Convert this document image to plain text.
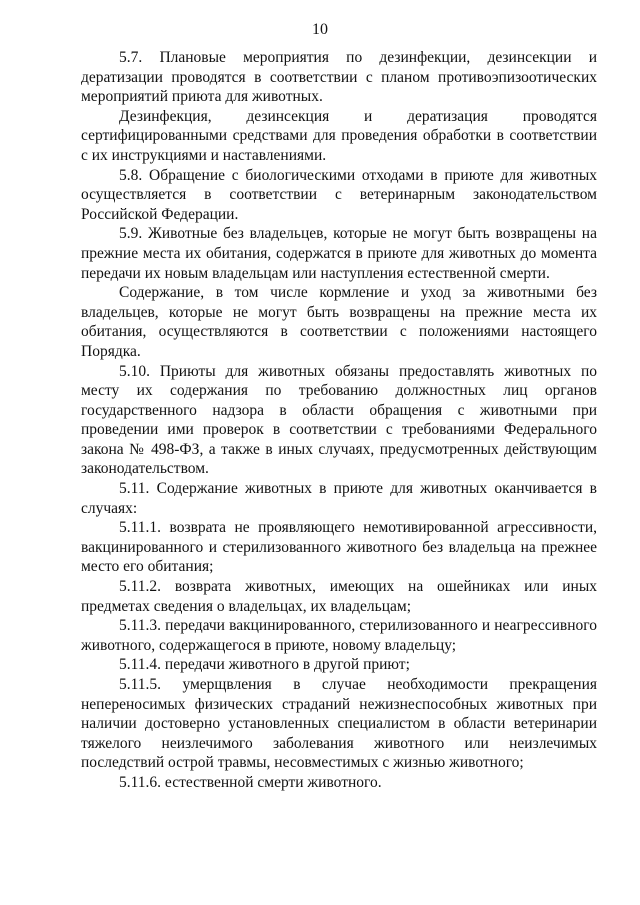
10

5.7. Плановые мероприятия по дезинфекции, дезинсекции и дератизации проводятся в соответствии с планом противоэпизоотических мероприятий приюта для животных.

Дезинфекция, дезинсекция и дератизация проводятся сертифицированными средствами для проведения обработки в соответствии с их инструкциями и наставлениями.

5.8. Обращение с биологическими отходами в приюте для животных осуществляется в соответствии с ветеринарным законодательством Российской Федерации.

5.9. Животные без владельцев, которые не могут быть возвращены на прежние места их обитания, содержатся в приюте для животных до момента передачи их новым владельцам или наступления естественной смерти.

Содержание, в том числе кормление и уход за животными без владельцев, которые не могут быть возвращены на прежние места их обитания, осуществляются в соответствии с положениями настоящего Порядка.

5.10. Приюты для животных обязаны предоставлять животных по месту их содержания по требованию должностных лиц органов государственного надзора в области обращения с животными при проведении ими проверок в соответствии с требованиями Федерального закона № 498-ФЗ, а также в иных случаях, предусмотренных действующим законодательством.

5.11. Содержание животных в приюте для животных оканчивается в случаях:

5.11.1. возврата не проявляющего немотивированной агрессивности, вакцинированного и стерилизованного животного без владельца на прежнее место его обитания;

5.11.2. возврата животных, имеющих на ошейниках или иных предметах сведения о владельцах, их владельцам;

5.11.3. передачи вакцинированного, стерилизованного и неагрессивного животного, содержащегося в приюте, новому владельцу;

5.11.4. передачи животного в другой приют;

5.11.5. умерщвления в случае необходимости прекращения непереносимых физических страданий нежизнеспособных животных при наличии достоверно установленных специалистом в области ветеринарии тяжелого неизлечимого заболевания животного или неизлечимых последствий острой травмы, несовместимых с жизнью животного;

5.11.6. естественной смерти животного.
